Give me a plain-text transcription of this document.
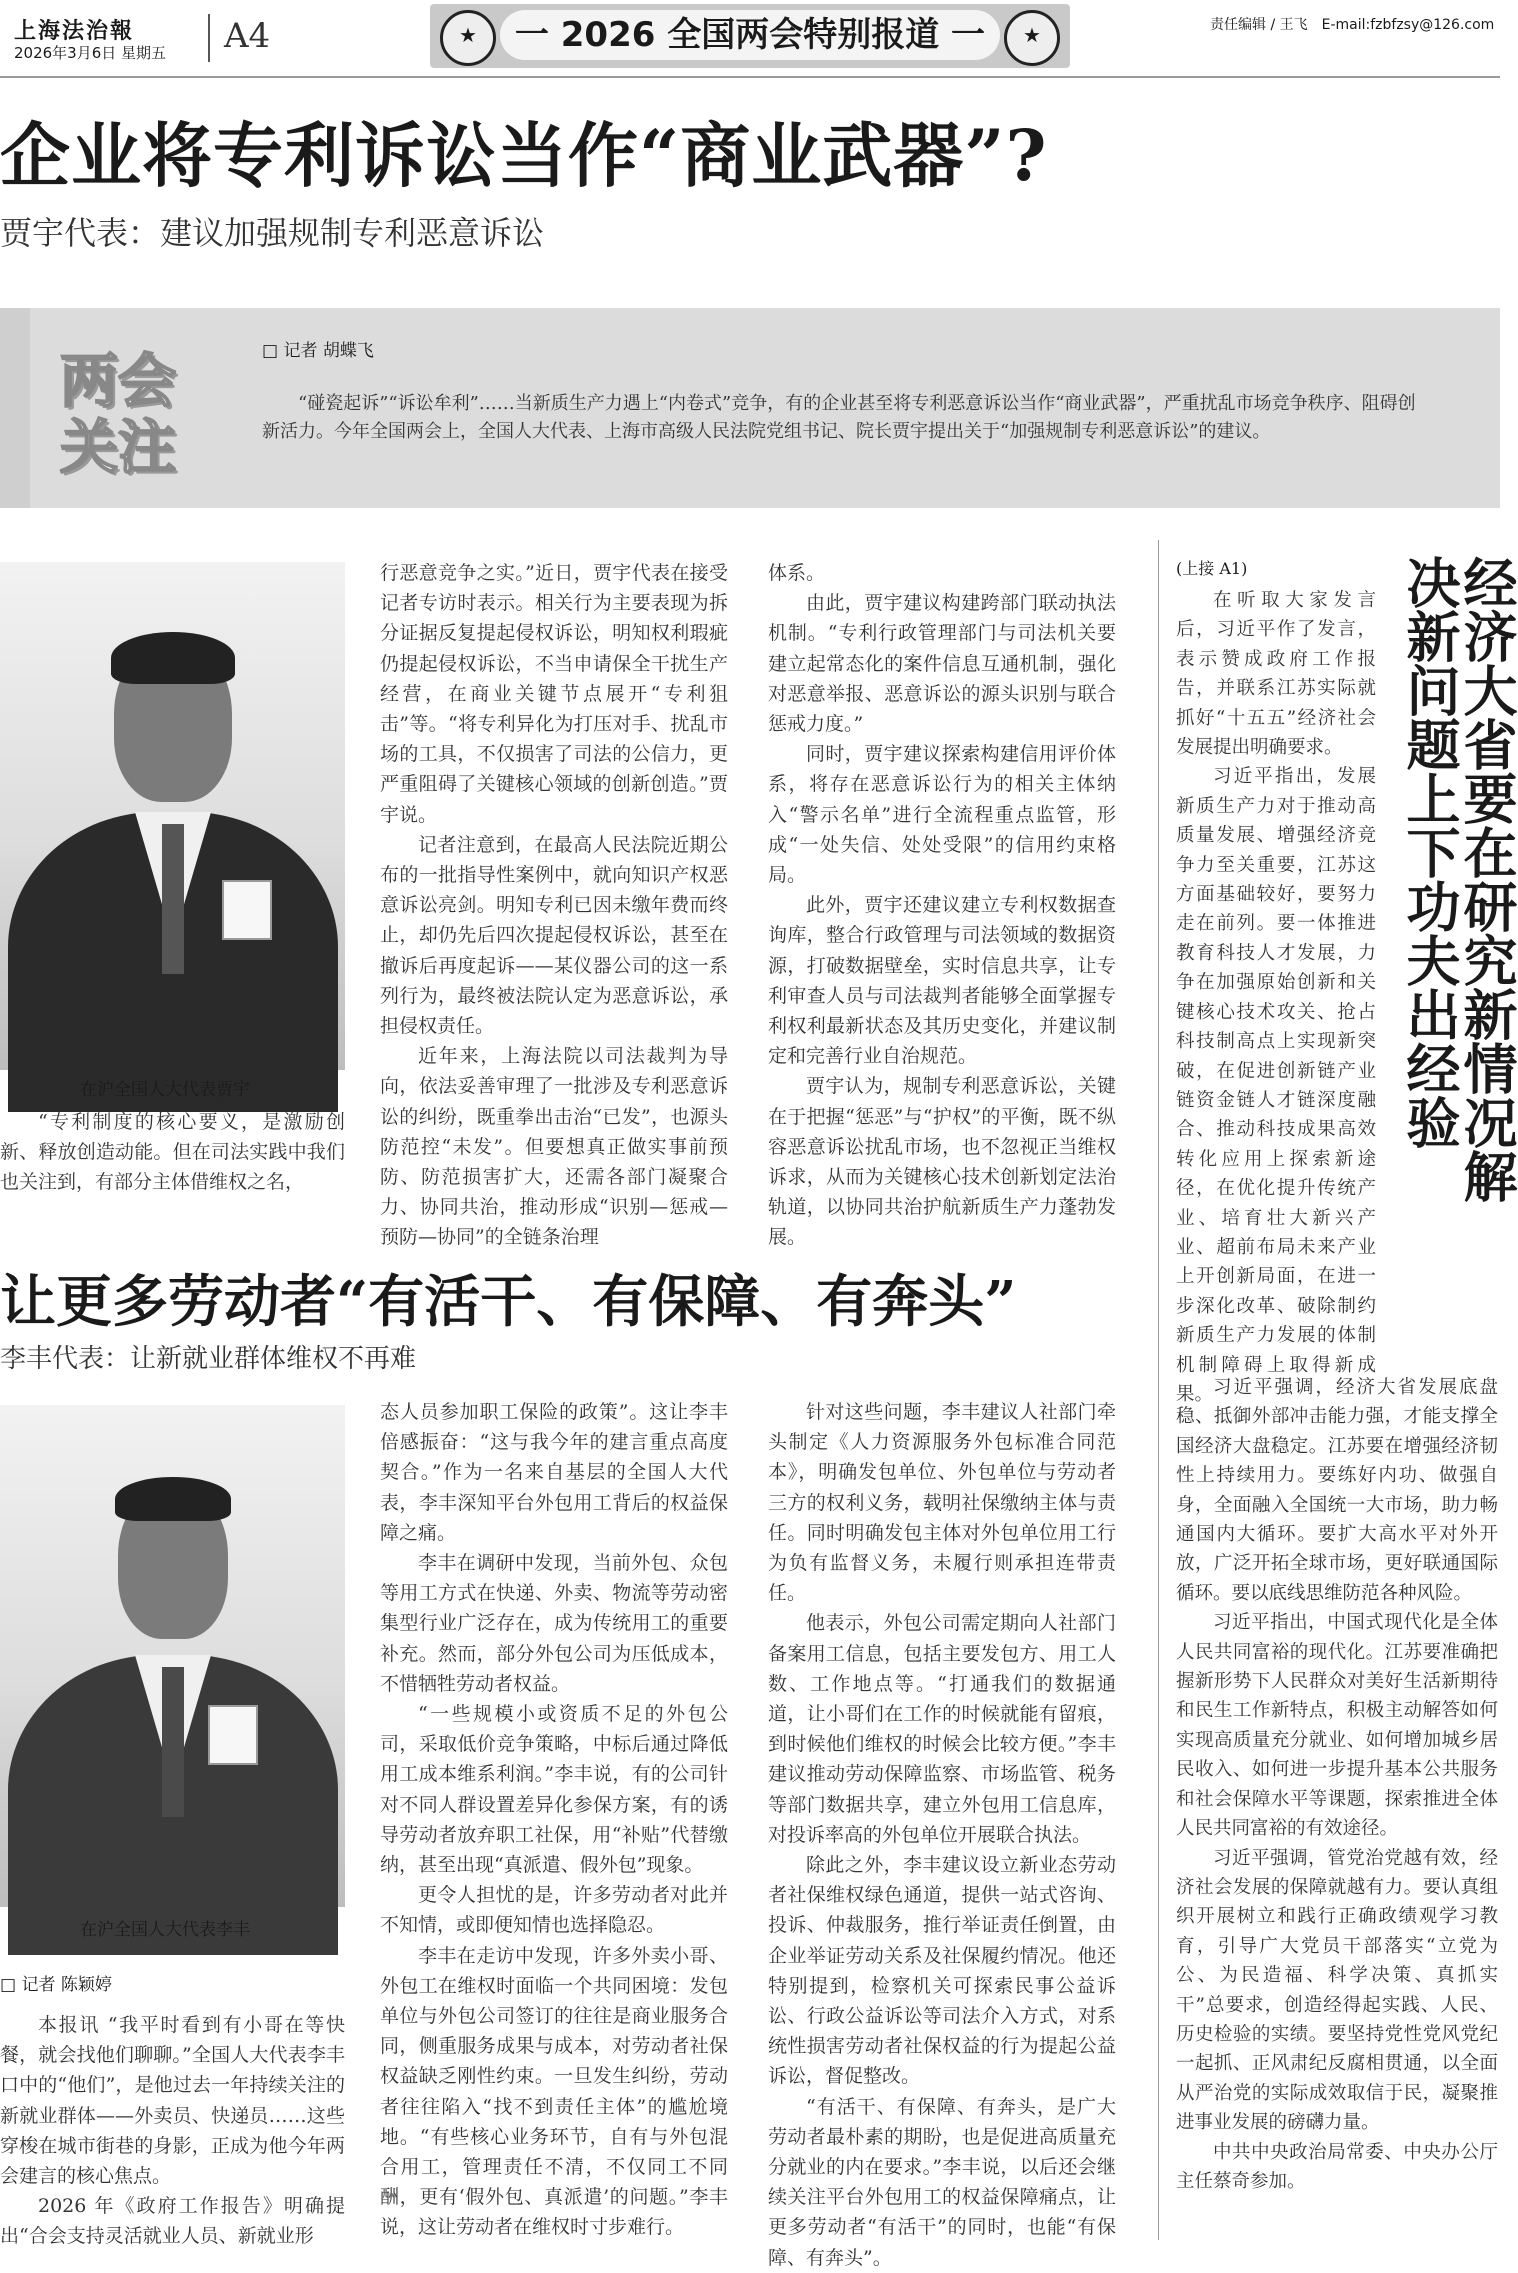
上海法治報
2026年3月6日 星期五	A4 ★	一 2026 全国两会特别报道 一 ★	责任编辑 / 王飞　E-mail:fzbfzsy@126.com
企业将专利诉讼当作“商业武器”?
贾宇代表：建议加强规制专利恶意诉讼
两会关注
□ 记者 胡蝶飞
“碰瓷起诉”“诉讼牟利”……当新质生产力遇上“内卷式”竞争，有的企业甚至将专利恶意诉讼当作“商业武器”，严重扰乱市场竞争秩序、阻碍创新活力。今年全国两会上，全国人大代表、上海市高级人民法院党组书记、院长贾宇提出关于“加强规制专利恶意诉讼”的建议。
在沪全国人大代表贾宇

“专利制度的核心要义，是激励创新、释放创造动能。但在司法实践中我们也关注到，有部分主体借维权之名，

行恶意竞争之实。”近日，贾宇代表在接受记者专访时表示。相关行为主要表现为拆分证据反复提起侵权诉讼，明知权利瑕疵仍提起侵权诉讼，不当申请保全干扰生产经营，在商业关键节点展开“专利狙击”等。“将专利异化为打压对手、扰乱市场的工具，不仅损害了司法的公信力，更严重阻碍了关键核心领域的创新创造。”贾宇说。

记者注意到，在最高人民法院近期公布的一批指导性案例中，就向知识产权恶意诉讼亮剑。明知专利已因未缴年费而终止，却仍先后四次提起侵权诉讼，甚至在撤诉后再度起诉——某仪器公司的这一系列行为，最终被法院认定为恶意诉讼，承担侵权责任。

近年来，上海法院以司法裁判为导向，依法妥善审理了一批涉及专利恶意诉讼的纠纷，既重拳出击治“已发”，也源头防范控“未发”。但要想真正做实事前预防、防范损害扩大，还需各部门凝聚合力、协同共治，推动形成“识别—惩戒—预防—协同”的全链条治理

体系。

由此，贾宇建议构建跨部门联动执法机制。“专利行政管理部门与司法机关要建立起常态化的案件信息互通机制，强化对恶意举报、恶意诉讼的源头识别与联合惩戒力度。”

同时，贾宇建议探索构建信用评价体系，将存在恶意诉讼行为的相关主体纳入“警示名单”进行全流程重点监管，形成“一处失信、处处受限”的信用约束格局。

此外，贾宇还建议建立专利权数据查询库，整合行政管理与司法领域的数据资源，打破数据壁垒，实时信息共享，让专利审查人员与司法裁判者能够全面掌握专利权利最新状态及其历史变化，并建议制定和完善行业自治规范。

贾宇认为，规制专利恶意诉讼，关键在于把握“惩恶”与“护权”的平衡，既不纵容恶意诉讼扰乱市场，也不忽视正当维权诉求，从而为关键核心技术创新划定法治轨道，以协同共治护航新质生产力蓬勃发展。

经济大省要在研究新情况解决新问题上下功夫出经验
(上接 A1)

在听取大家发言后，习近平作了发言，表示赞成政府工作报告，并联系江苏实际就抓好“十五五”经济社会发展提出明确要求。

习近平指出，发展新质生产力对于推动高质量发展、增强经济竞争力至关重要，江苏这方面基础较好，要努力走在前列。要一体推进教育科技人才发展，力争在加强原始创新和关键核心技术攻关、抢占科技制高点上实现新突破，在促进创新链产业链资金链人才链深度融合、推动科技成果高效转化应用上探索新途径，在优化提升传统产业、培育壮大新兴产业、超前布局未来产业上开创新局面，在进一步深化改革、破除制约新质生产力发展的体制机制障碍上取得新成果。

让更多劳动者“有活干、有保障、有奔头”
李丰代表：让新就业群体维权不再难
在沪全国人大代表李丰
□ 记者 陈颖婷

本报讯 “我平时看到有小哥在等快餐，就会找他们聊聊。”全国人大代表李丰口中的“他们”，是他过去一年持续关注的新就业群体——外卖员、快递员……这些穿梭在城市街巷的身影，正成为他今年两会建言的核心焦点。

2026 年《政府工作报告》明确提出“合会支持灵活就业人员、新就业形

态人员参加职工保险的政策”。这让李丰倍感振奋：“这与我今年的建言重点高度契合。”作为一名来自基层的全国人大代表，李丰深知平台外包用工背后的权益保障之痛。

李丰在调研中发现，当前外包、众包等用工方式在快递、外卖、物流等劳动密集型行业广泛存在，成为传统用工的重要补充。然而，部分外包公司为压低成本，不惜牺牲劳动者权益。

“一些规模小或资质不足的外包公司，采取低价竞争策略，中标后通过降低用工成本维系利润。”李丰说，有的公司针对不同人群设置差异化参保方案，有的诱导劳动者放弃职工社保，用“补贴”代替缴纳，甚至出现“真派遣、假外包”现象。

更令人担忧的是，许多劳动者对此并不知情，或即便知情也选择隐忍。

李丰在走访中发现，许多外卖小哥、外包工在维权时面临一个共同困境：发包单位与外包公司签订的往往是商业服务合同，侧重服务成果与成本，对劳动者社保权益缺乏刚性约束。一旦发生纠纷，劳动者往往陷入“找不到责任主体”的尴尬境地。“有些核心业务环节，自有与外包混合用工，管理责任不清，不仅同工不同酬，更有‘假外包、真派遣’的问题。”李丰说，这让劳动者在维权时寸步难行。

针对这些问题，李丰建议人社部门牵头制定《人力资源服务外包标准合同范本》，明确发包单位、外包单位与劳动者三方的权利义务，载明社保缴纳主体与责任。同时明确发包主体对外包单位用工行为负有监督义务，未履行则承担连带责任。

他表示，外包公司需定期向人社部门备案用工信息，包括主要发包方、用工人数、工作地点等。“打通我们的数据通道，让小哥们在工作的时候就能有留痕，到时候他们维权的时候会比较方便。”李丰建议推动劳动保障监察、市场监管、税务等部门数据共享，建立外包用工信息库，对投诉率高的外包单位开展联合执法。

除此之外，李丰建议设立新业态劳动者社保维权绿色通道，提供一站式咨询、投诉、仲裁服务，推行举证责任倒置，由企业举证劳动关系及社保履约情况。他还特别提到，检察机关可探索民事公益诉讼、行政公益诉讼等司法介入方式，对系统性损害劳动者社保权益的行为提起公益诉讼，督促整改。

“有活干、有保障、有奔头，是广大劳动者最朴素的期盼，也是促进高质量充分就业的内在要求。”李丰说，以后还会继续关注平台外包用工的权益保障痛点，让更多劳动者“有活干”的同时，也能“有保障、有奔头”。

习近平强调，经济大省发展底盘稳、抵御外部冲击能力强，才能支撑全国经济大盘稳定。江苏要在增强经济韧性上持续用力。要练好内功、做强自身，全面融入全国统一大市场，助力畅通国内大循环。要扩大高水平对外开放，广泛开拓全球市场，更好联通国际循环。要以底线思维防范各种风险。

习近平指出，中国式现代化是全体人民共同富裕的现代化。江苏要准确把握新形势下人民群众对美好生活新期待和民生工作新特点，积极主动解答如何实现高质量充分就业、如何增加城乡居民收入、如何进一步提升基本公共服务和社会保障水平等课题，探索推进全体人民共同富裕的有效途径。

习近平强调，管党治党越有效，经济社会发展的保障就越有力。要认真组织开展树立和践行正确政绩观学习教育，引导广大党员干部落实“立党为公、为民造福、科学决策、真抓实干”总要求，创造经得起实践、人民、历史检验的实绩。要坚持党性党风党纪一起抓、正风肃纪反腐相贯通，以全面从严治党的实际成效取信于民，凝聚推进事业发展的磅礴力量。

中共中央政治局常委、中央办公厅主任蔡奇参加。
